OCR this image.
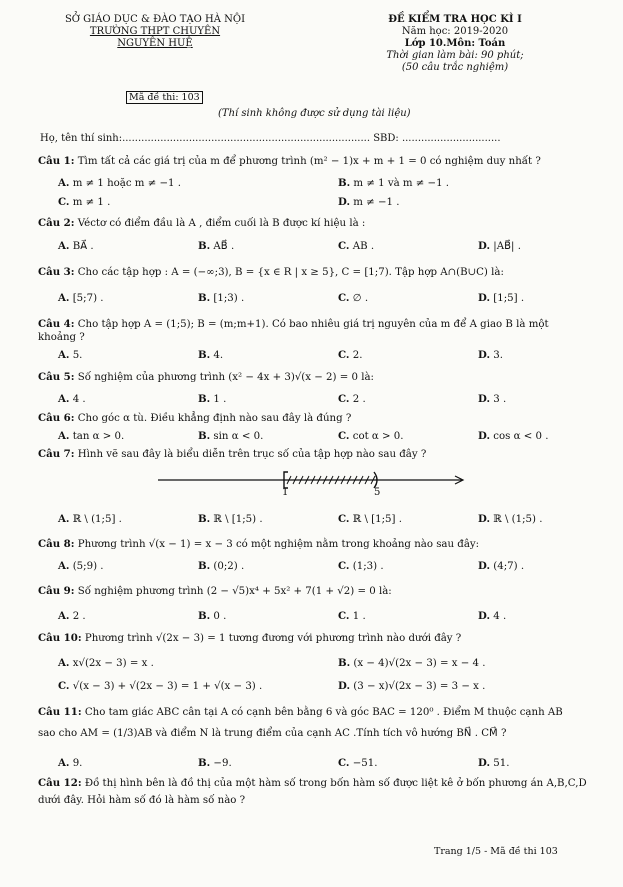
SỞ GIÁO DỤC & ĐÀO TẠO HÀ NỘI
TRƯỜNG THPT CHUYÊN
NGUYỄN HUỆ
ĐỀ KIỂM TRA HỌC KÌ I
Năm học: 2019-2020
Lớp 10.Môn: Toán
Thời gian làm bài: 90 phút;
(50 câu trắc nghiệm)
Mã đề thi: 103
(Thí sinh không được sử dụng tài liệu)
Họ, tên thí sinh:.............................................................................. SBD: ...............................
Câu 1: Tìm tất cả các giá trị của m để phương trình (m² − 1)x + m + 1 = 0 có nghiệm duy nhất ?
A. m ≠ 1 hoặc m ≠ −1 .	B. m ≠ 1 và m ≠ −1 .
C. m ≠ 1 .	D. m ≠ −1 .
Câu 2: Véctơ có điểm đầu là A , điểm cuối là B được kí hiệu là :
A. BA⃗ .	B. AB⃗ .	C. AB .	D. |AB⃗| .
Câu 3: Cho các tập hợp : A = (−∞;3), B = {x ∈ R | x ≥ 5}, C = [1;7). Tập hợp A∩(B∪C) là:
A. [5;7) .	B. [1;3) .	C. ∅ .	D. [1;5] .
Câu 4: Cho tập hợp A = (1;5); B = (m;m+1). Có bao nhiêu giá trị nguyên của m để A giao B là một
khoảng ?
A. 5.	B. 4.	C. 2.	D. 3.
Câu 5: Số nghiệm của phương trình (x² − 4x + 3)√(x − 2) = 0 là:
A. 4 .	B. 1 .	C. 2 .	D. 3 .
Câu 6: Cho góc α tù. Điều khẳng định nào sau đây là đúng ?
A. tan α > 0.	B. sin α < 0.	C. cot α > 0.	D. cos α < 0 .
Câu 7: Hình vẽ sau đây là biểu diễn trên trục số của tập hợp nào sau đây ?
1	5
A. ℝ \ (1;5] .	B. ℝ \ [1;5) .	C. ℝ \ [1;5] .	D. ℝ \ (1;5) .
Câu 8: Phương trình √(x − 1) = x − 3 có một nghiệm nằm trong khoảng nào sau đây:
A. (5;9) .	B. (0;2) .	C. (1;3) .	D. (4;7) .
Câu 9: Số nghiệm phương trình (2 − √5)x⁴ + 5x² + 7(1 + √2) = 0 là:
A. 2 .	B. 0 .	C. 1 .	D. 4 .
Câu 10: Phương trình √(2x − 3) = 1 tương đương với phương trình nào dưới đây ?
A. x√(2x − 3) = x .	B. (x − 4)√(2x − 3) = x − 4 .
C. √(x − 3) + √(2x − 3) = 1 + √(x − 3) .	D. (3 − x)√(2x − 3) = 3 − x .
Câu 11: Cho tam giác ABC cân tại A có cạnh bên bằng 6 và góc BAC = 120⁰ . Điểm M thuộc cạnh AB
sao cho AM = (1/3)AB và điểm N là trung điểm của cạnh AC .Tính tích vô hướng BN⃗ . CM⃗ ?
A. 9.	B. −9.	C. −51.	D. 51.
Câu 12: Đồ thị hình bên là đồ thị của một hàm số trong bốn hàm số được liệt kê ở bốn phương án A,B,C,D
dưới đây. Hỏi hàm số đó là hàm số nào ?
Trang 1/5 - Mã đề thi 103
